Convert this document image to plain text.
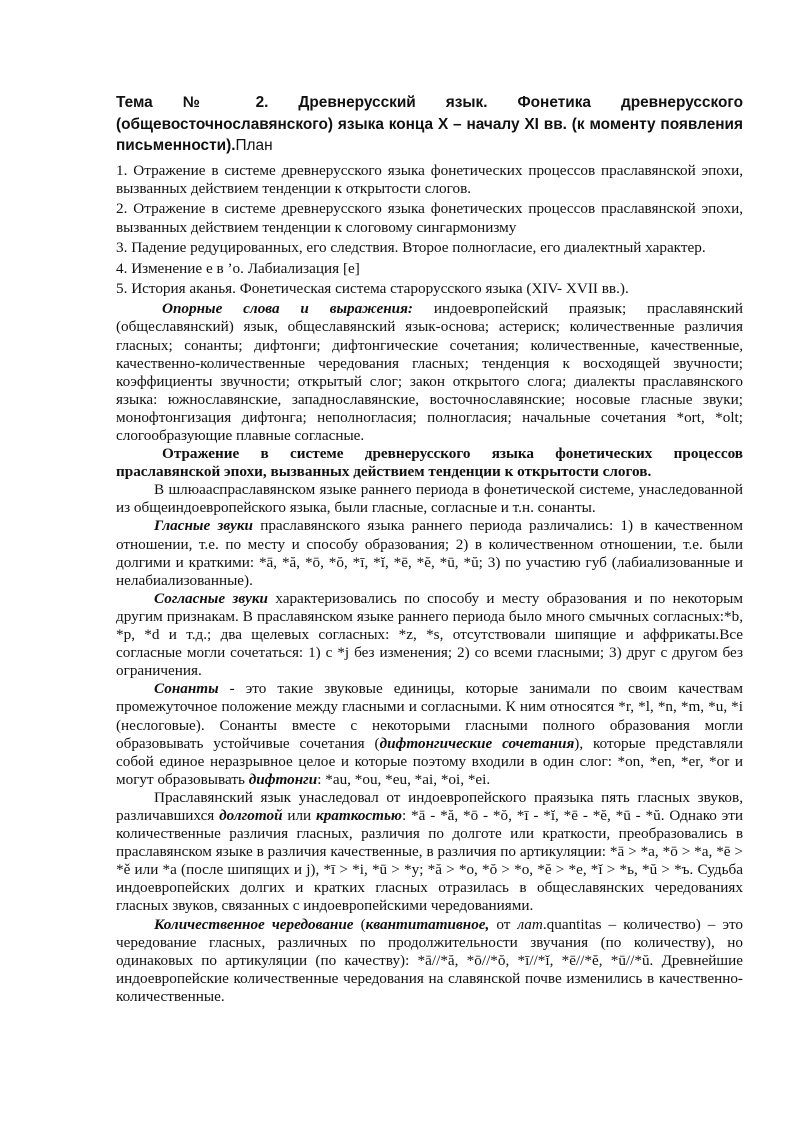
Тема № 2. Древнерусский язык. Фонетика древнерусского (общевосточнославянского) языка конца X – началу XI вв. (к моменту появления письменности).План

1. Отражение в системе древнерусского языка фонетических процессов праславянской эпохи, вызванных действием тенденции к открытости слогов.

2. Отражение в системе древнерусского языка фонетических процессов праславянской эпохи, вызванных действием тенденции к слоговому сингармонизму

3. Падение редуцированных, его следствия. Второе полногласие, его диалектный характер.

4. Изменение е в ’о. Лабиализация [е]

5. История аканья. Фонетическая система старорусского языка (XIV- XVII вв.).

Опорные слова и выражения: индоевропейский праязык; праславянский (общеславянский) язык, общеславянский язык-основа; астериск; количественные различия гласных; сонанты; дифтонги; дифтонгические сочетания; количественные, качественные, качественно-количественные чередования гласных; тенденция к восходящей звучности; коэффициенты звучности; открытый слог; закон открытого слога; диалекты праславянского языка: южнославянские, западнославянские, восточнославянские; носовые гласные звуки; монофтонгизация дифтонга; неполногласия; полногласия; начальные сочетания *ort, *olt; слогообразующие плавные согласные.

Отражение в системе древнерусского языка фонетических процессов праславянской эпохи, вызванных действием тенденции к открытости слогов.

В шлюааспраславянском языке раннего периода в фонетической системе, унаследованной из общеиндоевропейского языка, были гласные, согласные и т.н. сонанты.

Гласные звуки праславянского языка раннего периода различались: 1) в качественном отношении, т.е. по месту и способу образования; 2) в количественном отношении, т.е. были долгими и краткими: *ā, *ă, *ō, *ŏ, *ī, *ĭ, *ē, *ĕ, *ū, *ŭ; 3) по участию губ (лабиализованные и нелабиализованные).

Согласные звуки характеризовались по способу и месту образования и по некоторым другим признакам. В праславянском языке раннего периода было много смычных согласных:*b, *p, *d и т.д.; два щелевых согласных: *z, *s, отсутствовали шипящие и аффрикаты.Все согласные могли сочетаться: 1) с *j без изменения; 2) со всеми гласными; 3) друг с другом без ограничения.

Сонанты - это такие звуковые единицы, которые занимали по своим качествам промежуточное положение между гласными и согласными. К ним относятся *r, *l, *n, *m, *u, *i (неслоговые). Сонанты вместе с некоторыми гласными полного образования могли образовывать устойчивые сочетания (дифтонгические сочетания), которые представляли собой единое неразрывное целое и которые поэтому входили в один слог: *on, *en, *er, *or и могут образовывать дифтонги: *au, *ou, *eu, *ai, *oi, *ei.

Праславянский язык унаследовал от индоевропейского праязыка пять гласных звуков, различавшихся долготой или краткостью: *ā - *ă, *ō - *ŏ, *ī - *ĭ, *ē - *ĕ, *ū - *ŭ. Однако эти количественные различия гласных, различия по долготе или краткости, преобразовались в праславянском языке в различия качественные, в различия по артикуляции: *ā > *a, *ō > *a, *ē > *ě или *a (после шипящих и j), *ī > *i, *ū > *y; *ă > *o, *ŏ > *o, *ĕ > *e, *ĭ > *ь, *ŭ > *ъ. Судьба индоевропейских долгих и кратких гласных отразилась в общеславянских чередованиях гласных звуков, связанных с индоевропейскими чередованиями.

Количественное чередование (квантитативное, от лат.quantitas – количество) – это чередование гласных, различных по продолжительности звучания (по количеству), но одинаковых по артикуляции (по качеству): *ā//*ă, *ō//*ŏ, *ī//*ĭ, *ē//*ĕ, *ū//*ŭ. Древнейшие индоевропейские количественные чередования на славянской почве изменились в качественно-количественные.
